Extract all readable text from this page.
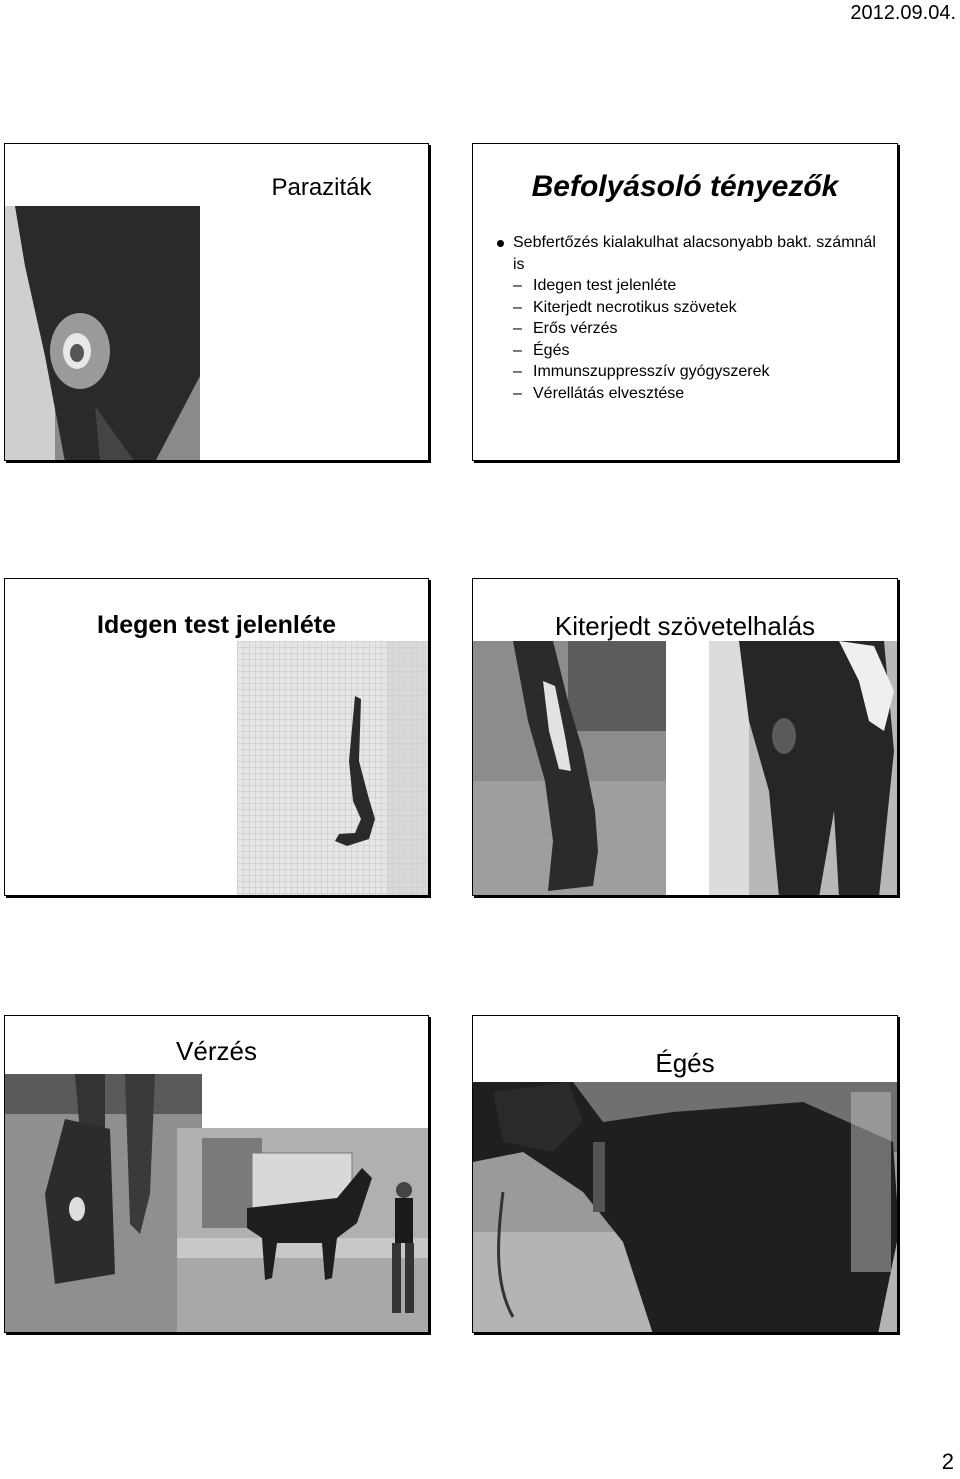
2012.09.04.
Paraziták	Befolyásoló tényezők
Sebfertőzés kialakulhat alacsonyabb bakt. számnál is
– Idegen test jelenléte
– Kiterjedt necrotikus szövetek
– Erős vérzés
– Égés
– Immunszuppresszív gyógyszerek
– Vérellátás elvesztése
Idegen test jelenléte	Kiterjedt szövetelhalás
Vérzés	Égés
2
